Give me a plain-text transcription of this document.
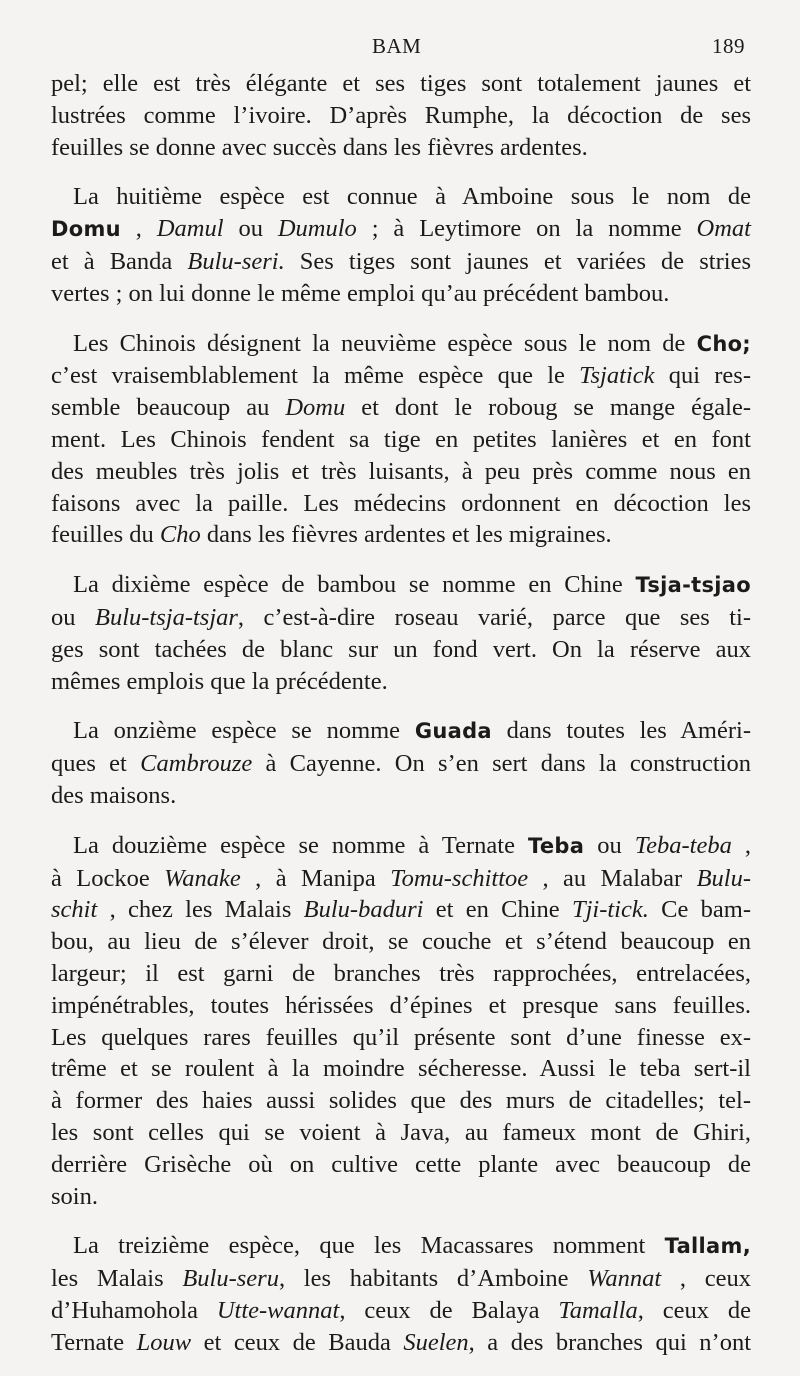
BAM	189
pel; elle est très élégante et ses tiges sont totalement jaunes et
lustrées comme l’ivoire. D’après Rumphe, la décoction de ses
feuilles se donne avec succès dans les fièvres ardentes.
La huitième espèce est connue à Amboine sous le nom de
Domu , Damul ou Dumulo ; à Leytimore on la nomme Omat
et à Banda Bulu-seri. Ses tiges sont jaunes et variées de stries
vertes ; on lui donne le même emploi qu’au précédent bambou.
Les Chinois désignent la neuvième espèce sous le nom de Cho;
c’est vraisemblablement la même espèce que le Tsjatick qui res-
semble beaucoup au Domu et dont le roboug se mange égale-
ment. Les Chinois fendent sa tige en petites lanières et en font
des meubles très jolis et très luisants, à peu près comme nous en
faisons avec la paille. Les médecins ordonnent en décoction les
feuilles du Cho dans les fièvres ardentes et les migraines.
La dixième espèce de bambou se nomme en Chine Tsja-tsjao
ou Bulu-tsja-tsjar, c’est-à-dire roseau varié, parce que ses ti-
ges sont tachées de blanc sur un fond vert. On la réserve aux
mêmes emplois que la précédente.
La onzième espèce se nomme Guada dans toutes les Améri-
ques et Cambrouze à Cayenne. On s’en sert dans la construction
des maisons.
La douzième espèce se nomme à Ternate Teba ou Teba-teba ,
à Lockoe Wanake , à Manipa Tomu-schittoe , au Malabar Bulu-
schit , chez les Malais Bulu-baduri et en Chine Tji-tick. Ce bam-
bou, au lieu de s’élever droit, se couche et s’étend beaucoup en
largeur; il est garni de branches très rapprochées, entrelacées,
impénétrables, toutes hérissées d’épines et presque sans feuilles.
Les quelques rares feuilles qu’il présente sont d’une finesse ex-
trême et se roulent à la moindre sécheresse. Aussi le teba sert-il
à former des haies aussi solides que des murs de citadelles; tel-
les sont celles qui se voient à Java, au fameux mont de Ghiri,
derrière Grisèche où on cultive cette plante avec beaucoup de
soin.
La treizième espèce, que les Macassares nomment Tallam,
les Malais Bulu-seru, les habitants d’Amboine Wannat , ceux
d’Huhamohola Utte-wannat, ceux de Balaya Tamalla, ceux de
Ternate Louw et ceux de Bauda Suelen, a des branches qui n’ont
